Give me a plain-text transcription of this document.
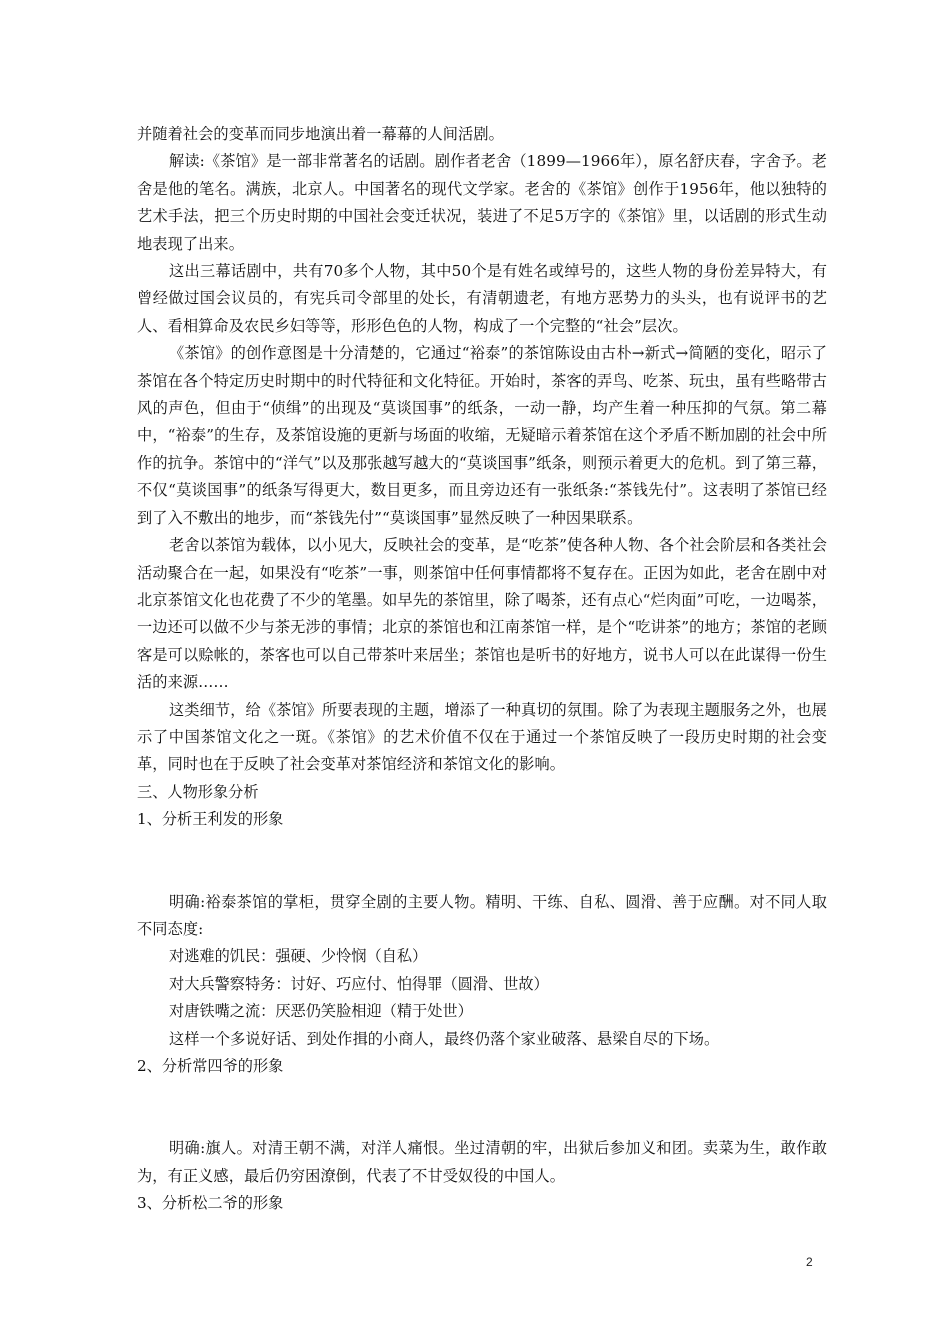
并随着社会的变革而同步地演出着一幕幕的人间活剧。

解读:《茶馆》是一部非常著名的话剧。剧作者老舍（1899—1966年），原名舒庆春，字舍予。老舍是他的笔名。满族，北京人。中国著名的现代文学家。老舍的《茶馆》创作于1956年，他以独特的艺术手法，把三个历史时期的中国社会变迁状况，装进了不足5万字的《茶馆》里，以话剧的形式生动地表现了出来。

这出三幕话剧中，共有70多个人物，其中50个是有姓名或绰号的，这些人物的身份差异特大，有曾经做过国会议员的，有宪兵司令部里的处长，有清朝遗老，有地方恶势力的头头，也有说评书的艺人、看相算命及农民乡妇等等，形形色色的人物，构成了一个完整的“社会”层次。

《茶馆》的创作意图是十分清楚的，它通过“裕泰”的茶馆陈设由古朴→新式→简陋的变化，昭示了茶馆在各个特定历史时期中的时代特征和文化特征。开始时，茶客的弄鸟、吃茶、玩虫，虽有些略带古风的声色，但由于“侦缉”的出现及“莫谈国事”的纸条，一动一静，均产生着一种压抑的气氛。第二幕中，“裕泰”的生存，及茶馆设施的更新与场面的收缩，无疑暗示着茶馆在这个矛盾不断加剧的社会中所作的抗争。茶馆中的“洋气”以及那张越写越大的“莫谈国事”纸条，则预示着更大的危机。到了第三幕，不仅“莫谈国事”的纸条写得更大，数目更多，而且旁边还有一张纸条:“茶钱先付”。这表明了茶馆已经到了入不敷出的地步，而“茶钱先付”“莫谈国事”显然反映了一种因果联系。

老舍以茶馆为载体，以小见大，反映社会的变革，是“吃茶”使各种人物、各个社会阶层和各类社会活动聚合在一起，如果没有“吃茶”一事，则茶馆中任何事情都将不复存在。正因为如此，老舍在剧中对北京茶馆文化也花费了不少的笔墨。如早先的茶馆里，除了喝茶，还有点心“烂肉面”可吃，一边喝茶，一边还可以做不少与茶无涉的事情；北京的茶馆也和江南茶馆一样，是个“吃讲茶”的地方；茶馆的老顾客是可以赊帐的，茶客也可以自己带茶叶来居坐；茶馆也是听书的好地方，说书人可以在此谋得一份生活的来源……

这类细节，给《茶馆》所要表现的主题，增添了一种真切的氛围。除了为表现主题服务之外，也展示了中国茶馆文化之一斑。《茶馆》的艺术价值不仅在于通过一个茶馆反映了一段历史时期的社会变革，同时也在于反映了社会变革对茶馆经济和茶馆文化的影响。

三、人物形象分析

1、分析王利发的形象

明确:裕泰茶馆的掌柜，贯穿全剧的主要人物。精明、干练、自私、圆滑、善于应酬。对不同人取不同态度:

对逃难的饥民：强硬、少怜悯（自私）

对大兵警察特务：讨好、巧应付、怕得罪（圆滑、世故）

对唐铁嘴之流：厌恶仍笑脸相迎（精于处世）

这样一个多说好话、到处作揖的小商人，最终仍落个家业破落、悬梁自尽的下场。

2、分析常四爷的形象

明确:旗人。对清王朝不满，对洋人痛恨。坐过清朝的牢，出狱后参加义和团。卖菜为生，敢作敢为，有正义感，最后仍穷困潦倒，代表了不甘受奴役的中国人。

3、分析松二爷的形象

2
